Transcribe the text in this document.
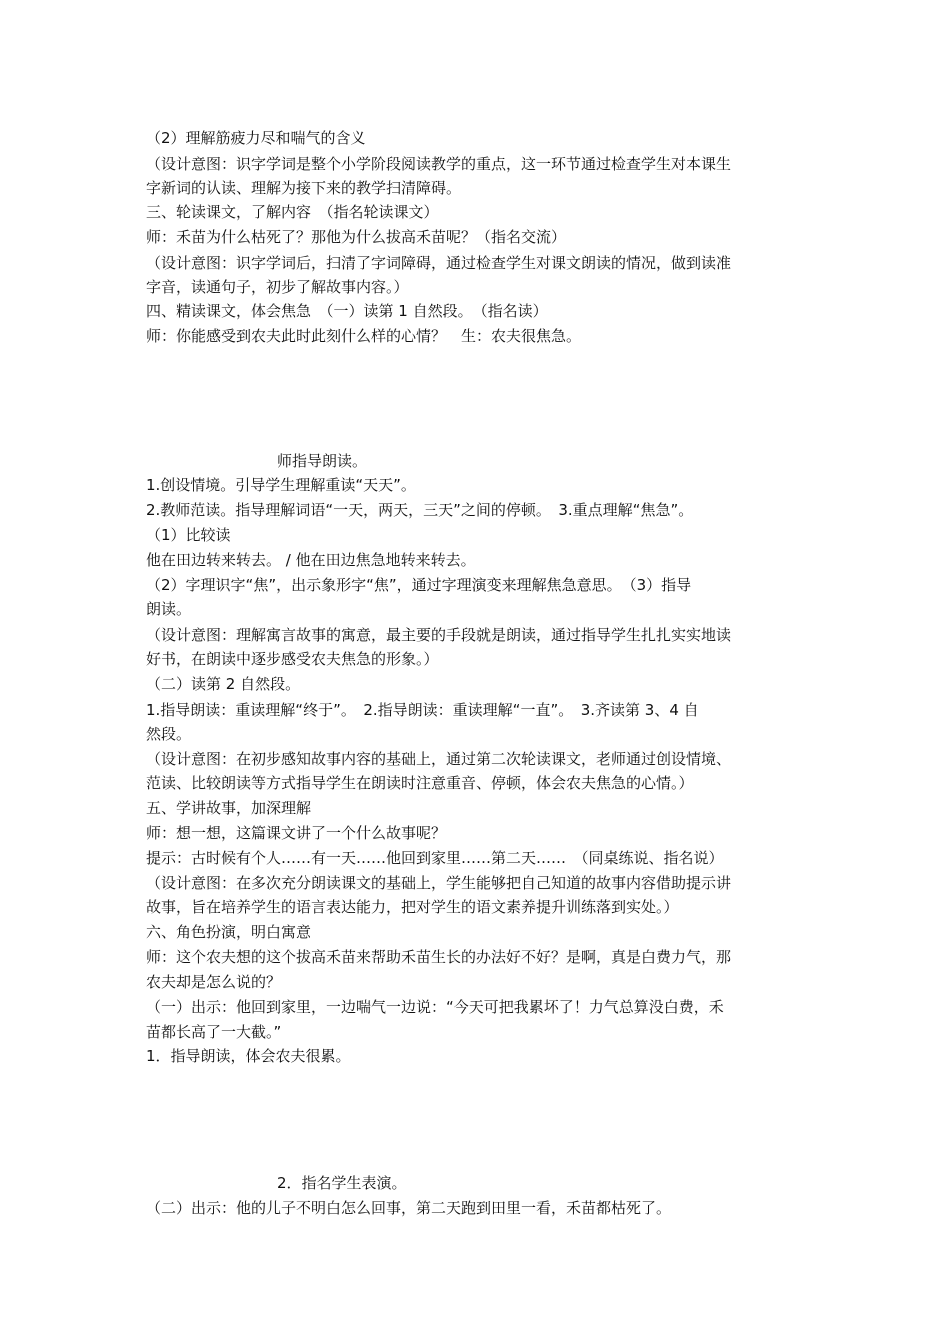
（2）理解筋疲力尽和喘气的含义
（设计意图：识字学词是整个小学阶段阅读教学的重点，这一环节通过检查学生对本课生
字新词的认读、理解为接下来的教学扫清障碍。
三、轮读课文，了解内容　（指名轮读课文）
师：禾苗为什么枯死了？那他为什么拔高禾苗呢？（指名交流）
（设计意图：识字学词后，扫清了字词障碍，通过检查学生对课文朗读的情况，做到读准
字音，读通句子，初步了解故事内容。）
四、精读课文，体会焦急　（一）读第 1 自然段。　（指名读）
师：你能感受到农夫此时此刻什么样的心情？　生：农夫很焦急。
师指导朗读。
1.创设情境。引导学生理解重读“天天”。
2.教师范读。指导理解词语“一天，两天，三天”之间的停顿。　3.重点理解“焦急”。
（1）比较读
他在田边转来转去。 / 他在田边焦急地转来转去。
（2）字理识字“焦”，出示象形字“焦”，通过字理演变来理解焦急意思。　（3）指导
朗读。
（设计意图：理解寓言故事的寓意，最主要的手段就是朗读，通过指导学生扎扎实实地读
好书，在朗读中逐步感受农夫焦急的形象。）
（二）读第 2 自然段。
1.指导朗读：重读理解“终于”。　2.指导朗读：重读理解“一直”。　3.齐读第 3、4 自
然段。
（设计意图：在初步感知故事内容的基础上，通过第二次轮读课文，老师通过创设情境、
范读、比较朗读等方式指导学生在朗读时注意重音、停顿，体会农夫焦急的心情。）
五、学讲故事，加深理解
师：想一想，这篇课文讲了一个什么故事呢？
提示：古时候有个人……有一天……他回到家里……第二天……　（同桌练说、指名说）
（设计意图：在多次充分朗读课文的基础上，学生能够把自己知道的故事内容借助提示讲
故事，旨在培养学生的语言表达能力，把对学生的语文素养提升训练落到实处。）
六、角色扮演，明白寓意
师：这个农夫想的这个拔高禾苗来帮助禾苗生长的办法好不好？是啊，真是白费力气，那
农夫却是怎么说的？
（一）出示：他回到家里，一边喘气一边说：“今天可把我累坏了！力气总算没白费，禾
苗都长高了一大截。”
1．指导朗读，体会农夫很累。
2．指名学生表演。
（二）出示：他的儿子不明白怎么回事，第二天跑到田里一看，禾苗都枯死了。
